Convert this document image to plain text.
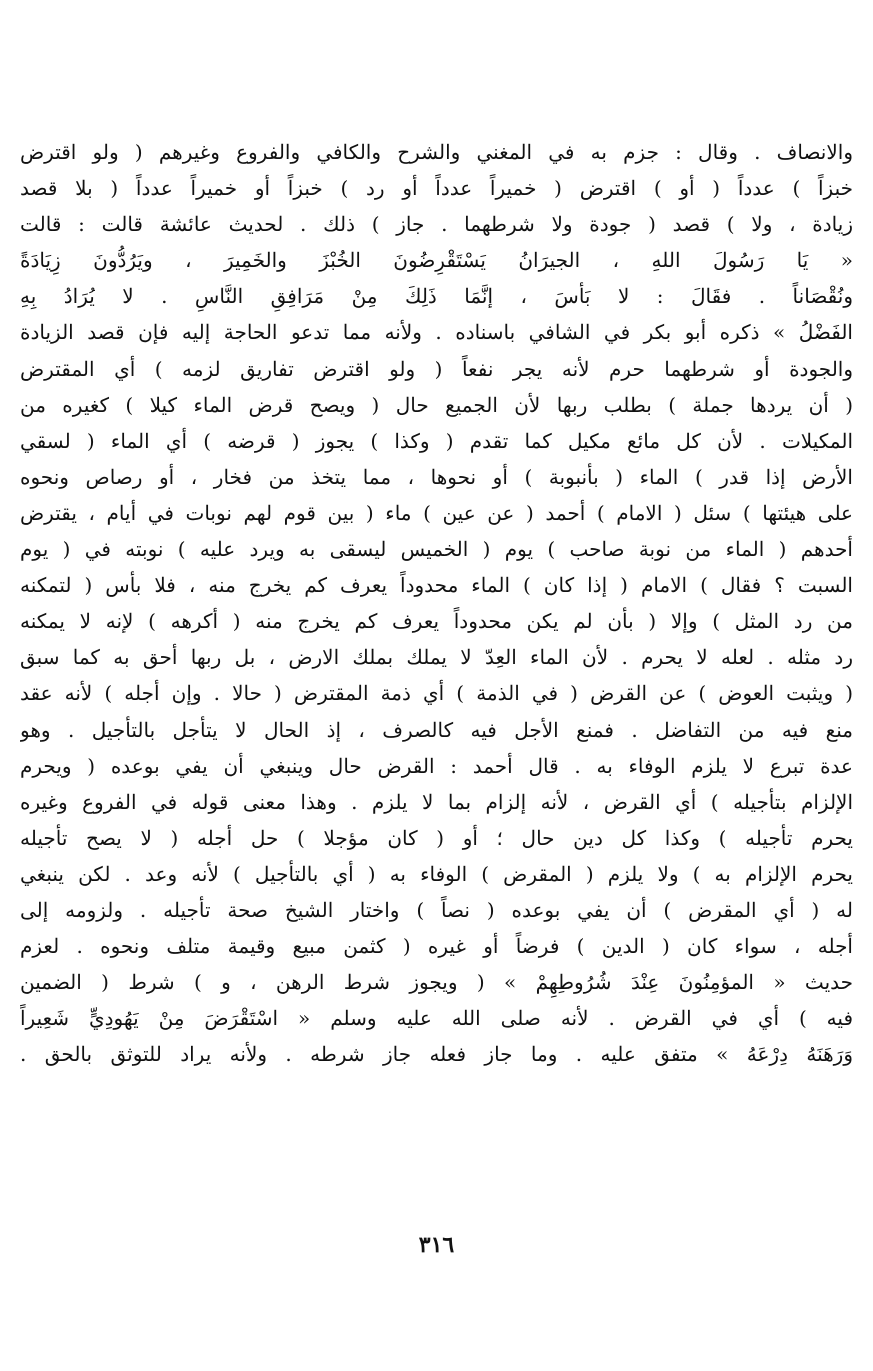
والانصاف . وقال : جزم به في المغني والشرح والكافي والفروع وغيرهم ( ولو اقترض
خبزاً ) عدداً ( أو ) اقترض ( خميراً عدداً أو رد ) خبزاً أو خميراً عدداً ( بلا قصد
زيادة ، ولا ) قصد ( جودة ولا شرطهما . جاز ) ذلك . لحديث عائشة قالت : قالت
« يَا رَسُولَ اللهِ ، الجيرَانُ يَسْتَقْرِضُونَ الخُبْزَ والخَمِيرَ ، ويَرُدُّونَ زِيَادَةً
ونُقْصَاناً . فقَالَ : لا بَأسَ ، إنَّمَا ذَلِكَ مِنْ مَرَافِقِ النَّاسِ . لا يُرَادُ بِهِ
الفَضْلُ » ذكره أبو بكر في الشافي باسناده . ولأنه مما تدعو الحاجة إليه فإن قصد الزيادة
والجودة أو شرطهما حرم لأنه يجر نفعاً ( ولو اقترض تفاريق لزمه ) أي المقترض
( أن يردها جملة ) بطلب ربها لأن الجميع حال ( ويصح قرض الماء كيلا ) كغيره من
المكيلات . لأن كل مائع مكيل كما تقدم ( وكذا ) يجوز ( قرضه ) أي الماء ( لسقي
الأرض إذا قدر ) الماء ( بأنبوبة ) أو نحوها ، مما يتخذ من فخار ، أو رصاص ونحوه
على هيئتها ) سئل ( الامام ) أحمد ( عن عين ) ماء ( بين قوم لهم نوبات في أيام ، يقترض
أحدهم ( الماء من نوبة صاحب ) يوم ( الخميس ليسقى به ويرد عليه ) نوبته في ( يوم
السبت ؟ فقال ) الامام ( إذا كان ) الماء محدوداً يعرف كم يخرج منه ، فلا بأس ( لتمكنه
من رد المثل ) وإلا ( بأن لم يكن محدوداً يعرف كم يخرج منه ( أكرهه ) لإنه لا يمكنه
رد مثله . لعله لا يحرم . لأن الماء العِدّ لا يملك بملك الارض ، بل ربها أحق به كما سبق
( ويثبت العوض ) عن القرض ( في الذمة ) أي ذمة المقترض ( حالا . وإن أجله ) لأنه عقد
منع فيه من التفاضل . فمنع الأجل فيه كالصرف ، إذ الحال لا يتأجل بالتأجيل . وهو
عدة تبرع لا يلزم الوفاء به . قال أحمد : القرض حال وينبغي أن يفي بوعده ( ويحرم
الإلزام بتأجيله ) أي القرض ، لأنه إلزام بما لا يلزم . وهذا معنى قوله في الفروع وغيره
يحرم تأجيله ) وكذا كل دين حال ؛ أو ( كان مؤجلا ) حل أجله ( لا يصح تأجيله
يحرم الإلزام به ) ولا يلزم ( المقرض ) الوفاء به ( أي بالتأجيل ) لأنه وعد . لكن ينبغي
له ( أي المقرض ) أن يفي بوعده ( نصاً ) واختار الشيخ صحة تأجيله . ولزومه إلى
أجله ، سواء كان ( الدين ) فرضاً أو غيره ( كثمن مبيع وقيمة متلف ونحوه . لعزم
حديث « المؤمِنُونَ عِنْدَ شُرُوطِهِمْ » ( ويجوز شرط الرهن ، و ) شرط ( الضمين
فيه ) أي في القرض . لأنه صلى الله عليه وسلم « اسْتَقْرَضَ مِنْ يَهُودِيٍّ شَعِيراً
وَرَهَنَهُ دِرْعَهُ » متفق عليه . وما جاز فعله جاز شرطه . ولأنه يراد للتوثق بالحق .
٣١٦
